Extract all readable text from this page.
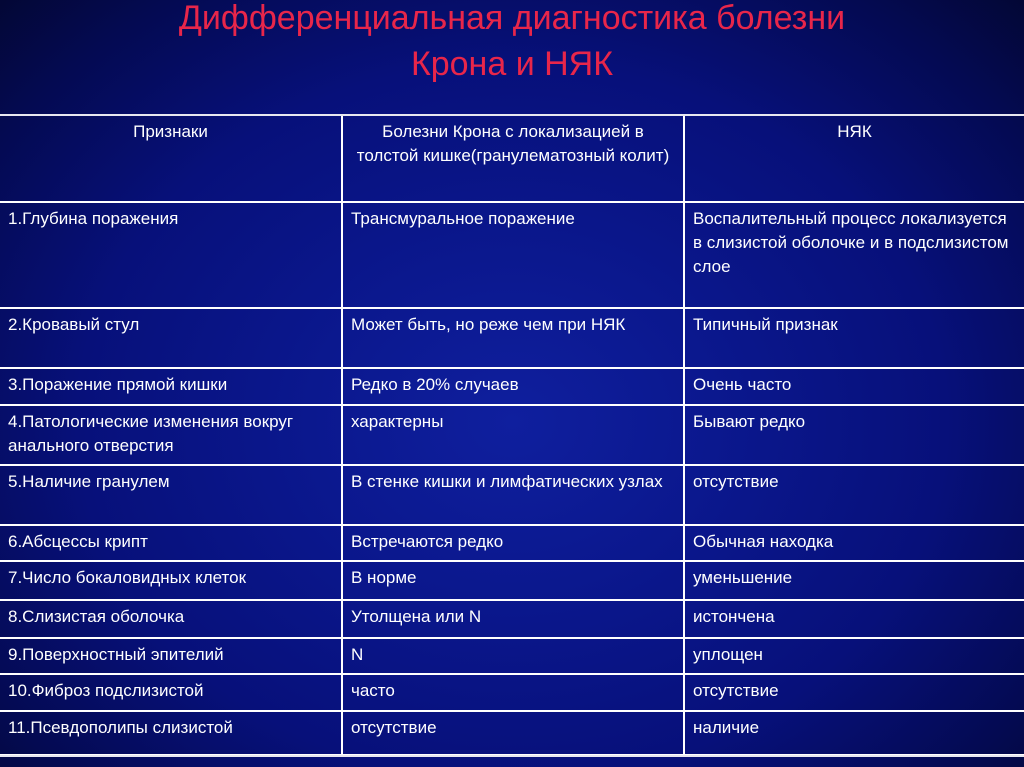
Дифференциальная диагностика болезни
Крона и НЯК
Признаки	Болезни Крона с локализацией в толстой кишке(гранулематозный колит)	НЯК
1.Глубина поражения	Трансмуральное поражение	Воспалительный процесс локализуется в слизистой оболочке и в подслизистом слое
2.Кровавый стул	Может быть, но реже чем при НЯК	Типичный признак
3.Поражение прямой кишки	Редко в 20% случаев	Очень часто
4.Патологические изменения вокруг анального отверстия	характерны	Бывают редко
5.Наличие гранулем	В стенке кишки и лимфатических узлах	отсутствие
6.Абсцессы крипт	Встречаются редко	Обычная находка
7.Число бокаловидных клеток	В норме	уменьшение
8.Слизистая оболочка	Утолщена или N	истончена
9.Поверхностный эпителий	N	уплощен
10.Фиброз подслизистой	часто	отсутствие
11.Псевдополипы слизистой	отсутствие	наличие
